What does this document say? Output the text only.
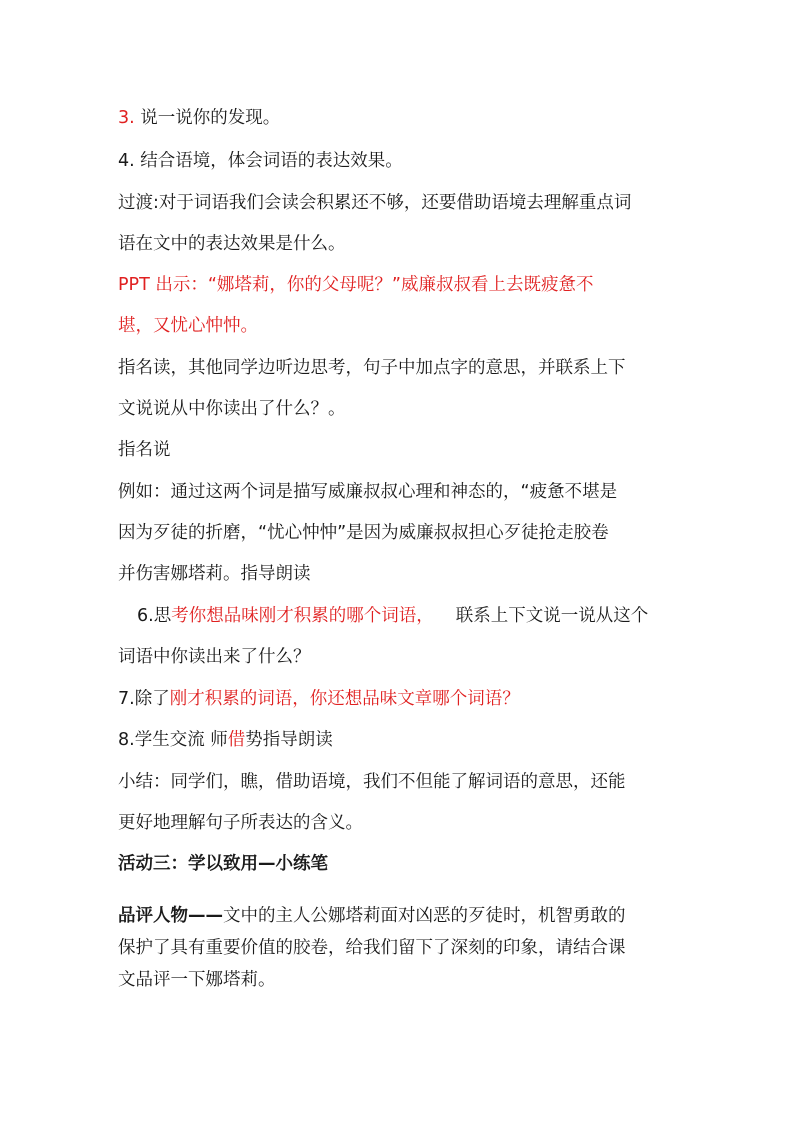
3. 说一说你的发现。
4. 结合语境，体会词语的表达效果。
过渡:对于词语我们会读会积累还不够，还要借助语境去理解重点词
语在文中的表达效果是什么。
PPT 出示：“娜塔莉，你的父母呢？”威廉叔叔看上去既疲惫不
堪，又忧心忡忡。
指名读，其他同学边听边思考，句子中加点字的意思，并联系上下
文说说从中你读出了什么？。
指名说
例如：通过这两个词是描写威廉叔叔心理和神态的，“疲惫不堪是
因为歹徒的折磨，“忧心忡忡”是因为威廉叔叔担心歹徒抢走胶卷
并伤害娜塔莉。指导朗读
6.思考你想品味刚才积累的哪个词语， 联系上下文说一说从这个
词语中你读出来了什么？
7.除了刚才积累的词语，你还想品味文章哪个词语？
8.学生交流 师借势指导朗读
小结：同学们，瞧，借助语境，我们不但能了解词语的意思，还能
更好地理解句子所表达的含义。
活动三：学以致用—小练笔
品评人物——文中的主人公娜塔莉面对凶恶的歹徒时，机智勇敢的
保护了具有重要价值的胶卷，给我们留下了深刻的印象，请结合课
文品评一下娜塔莉。
